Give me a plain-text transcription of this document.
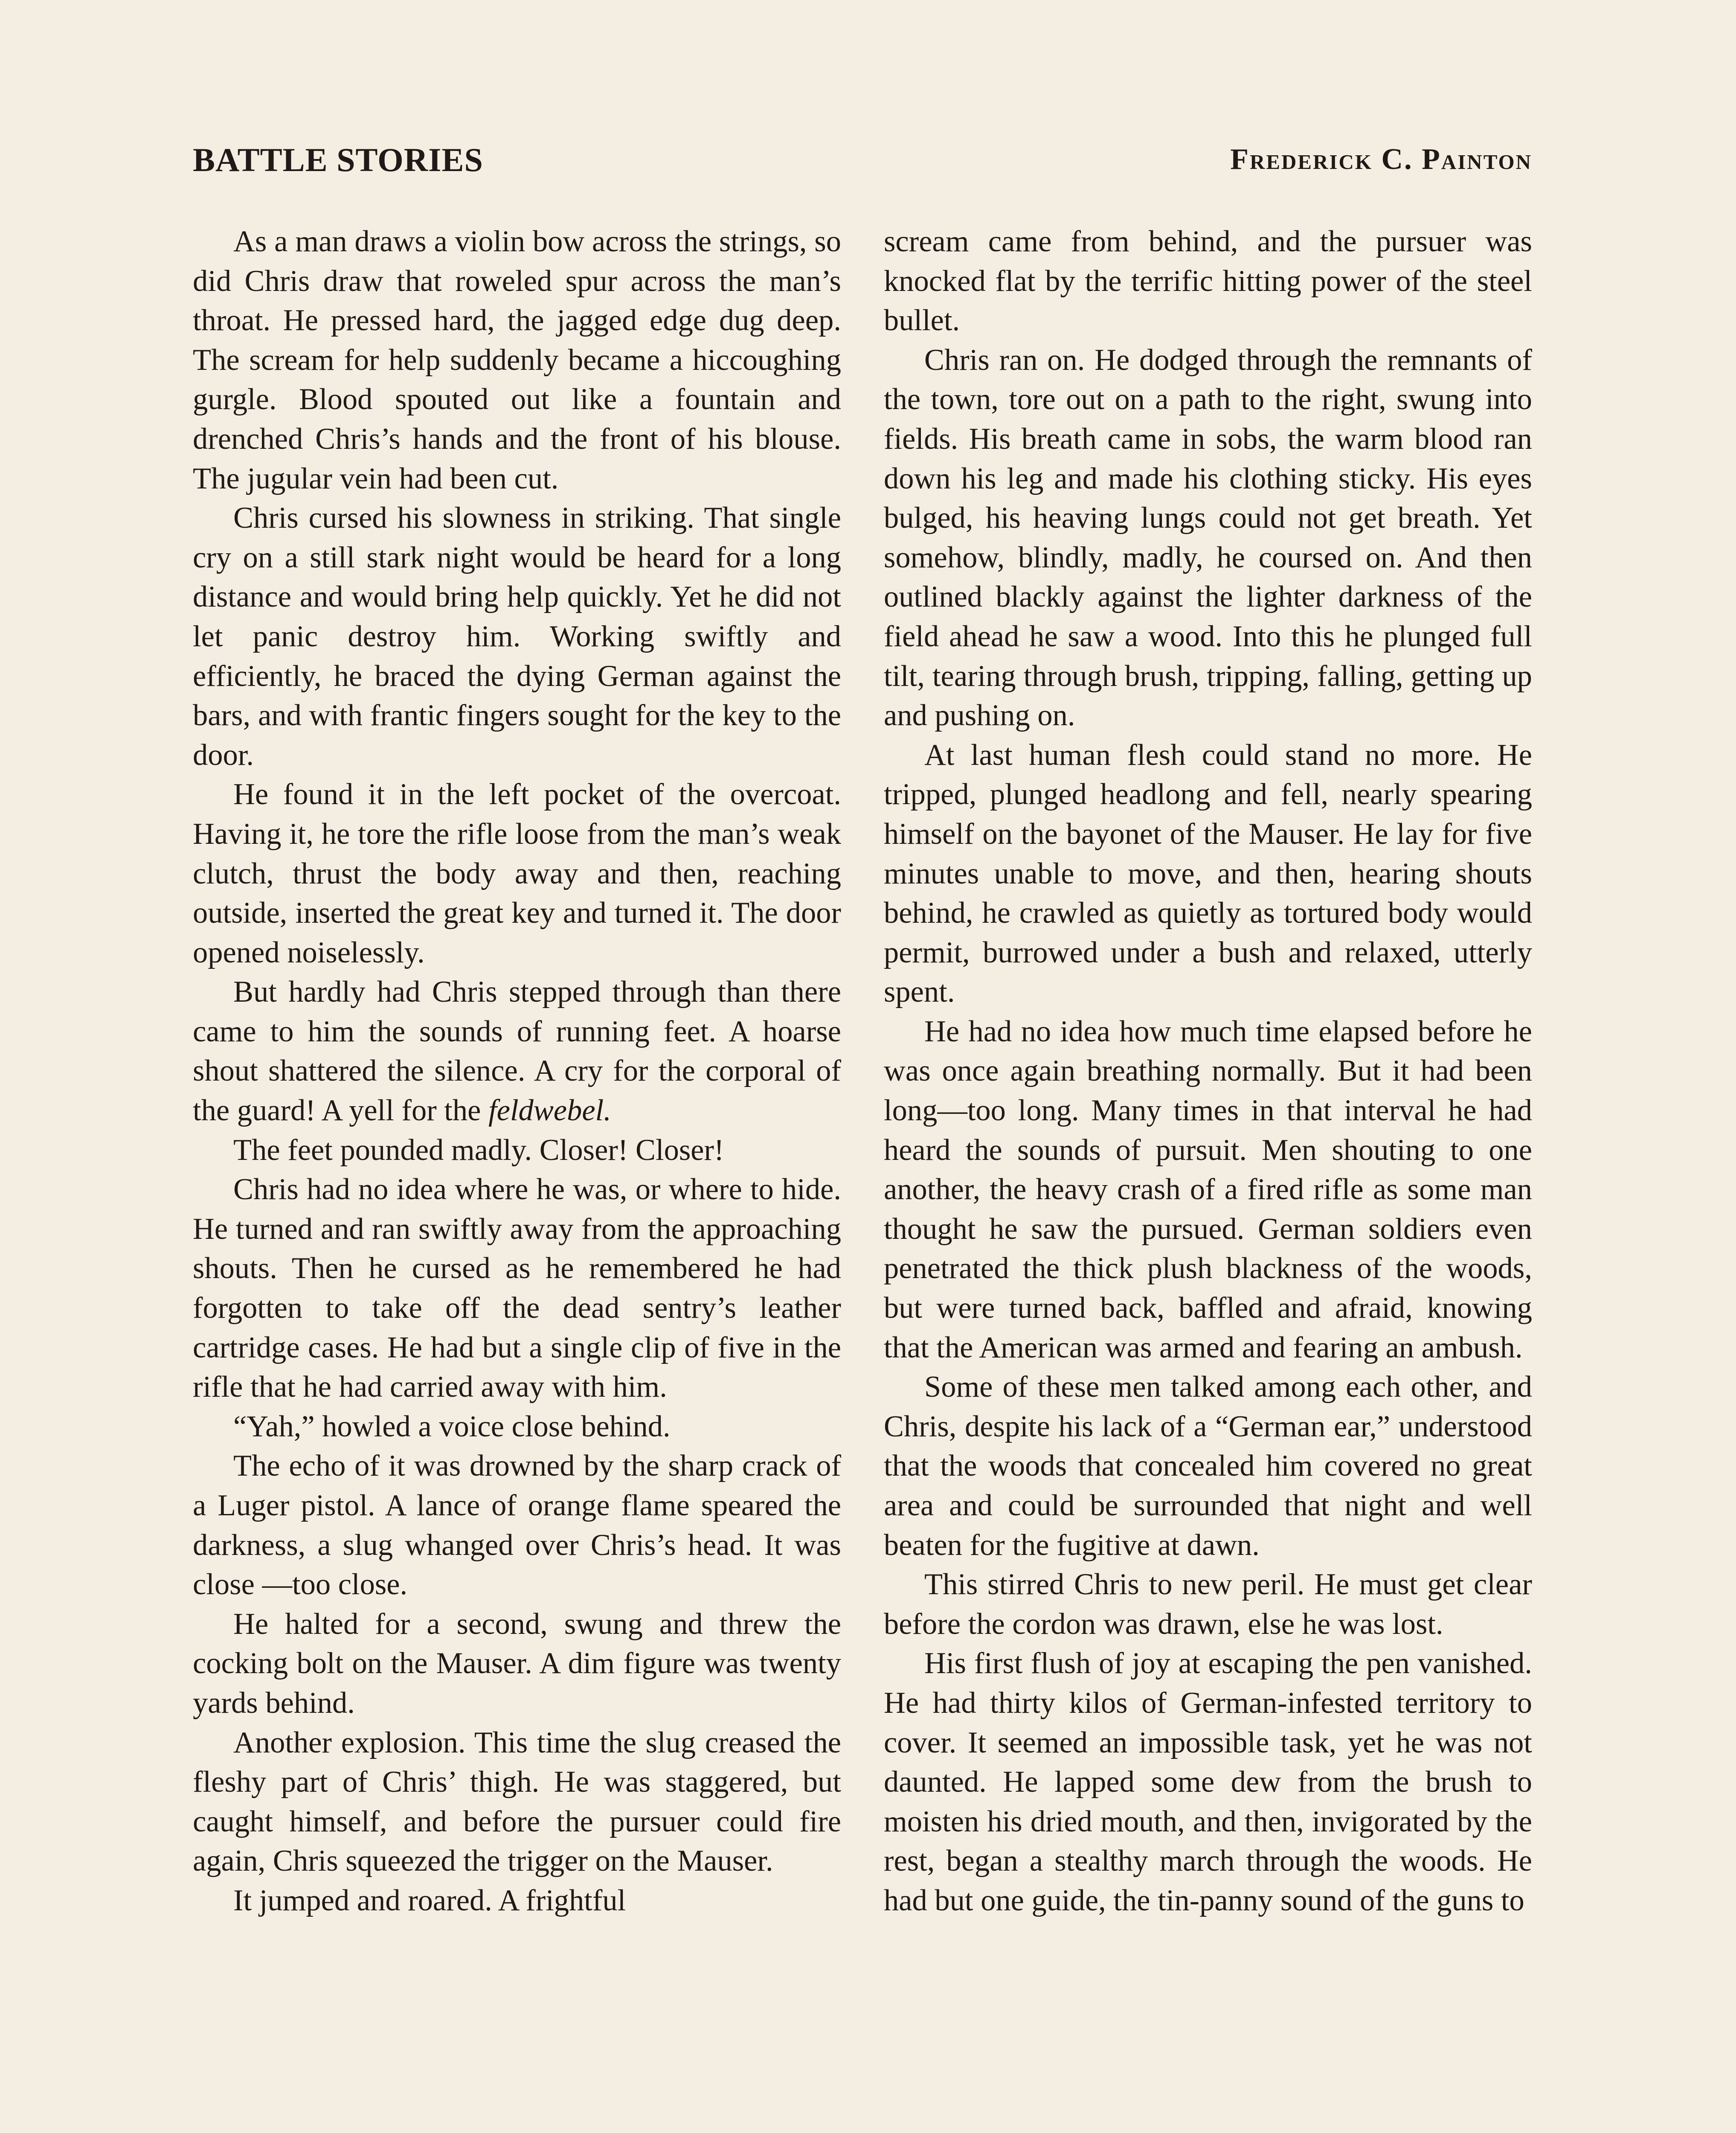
BATTLE STORIES	Frederick C. Painton

As a man draws a violin bow across the strings, so did Chris draw that roweled spur across the man’s throat. He pressed hard, the jagged edge dug deep. The scream for help suddenly became a hiccoughing gurgle. Blood spouted out like a fountain and drenched Chris’s hands and the front of his blouse. The jugular vein had been cut.

Chris cursed his slowness in striking. That single cry on a still stark night would be heard for a long distance and would bring help quickly. Yet he did not let panic destroy him. Working swiftly and efficiently, he braced the dying German against the bars, and with frantic fingers sought for the key to the door.

He found it in the left pocket of the overcoat. Having it, he tore the rifle loose from the man’s weak clutch, thrust the body away and then, reaching outside, inserted the great key and turned it. The door opened noiselessly.

But hardly had Chris stepped through than there came to him the sounds of running feet. A hoarse shout shattered the silence. A cry for the corporal of the guard! A yell for the feldwebel.

The feet pounded madly. Closer! Closer!

Chris had no idea where he was, or where to hide. He turned and ran swiftly away from the approaching shouts. Then he cursed as he remembered he had forgotten to take off the dead sentry’s leather cartridge cases. He had but a single clip of five in the rifle that he had carried away with him.

“Yah,” howled a voice close behind.

The echo of it was drowned by the sharp crack of a Luger pistol. A lance of orange flame speared the darkness, a slug whanged over Chris’s head. It was close —too close.

He halted for a second, swung and threw the cocking bolt on the Mauser. A dim figure was twenty yards behind.

Another explosion. This time the slug creased the fleshy part of Chris’ thigh. He was staggered, but caught himself, and before the pursuer could fire again, Chris squeezed the trigger on the Mauser.

It jumped and roared. A frightful

scream came from behind, and the pursuer was knocked flat by the terrific hitting power of the steel bullet.

Chris ran on. He dodged through the remnants of the town, tore out on a path to the right, swung into fields. His breath came in sobs, the warm blood ran down his leg and made his clothing sticky. His eyes bulged, his heaving lungs could not get breath. Yet somehow, blindly, madly, he coursed on. And then outlined blackly against the lighter darkness of the field ahead he saw a wood. Into this he plunged full tilt, tearing through brush, tripping, falling, getting up and pushing on.

At last human flesh could stand no more. He tripped, plunged headlong and fell, nearly spearing himself on the bayonet of the Mauser. He lay for five minutes unable to move, and then, hearing shouts behind, he crawled as quietly as tortured body would permit, burrowed under a bush and relaxed, utterly spent.

He had no idea how much time elapsed before he was once again breathing normally. But it had been long—too long. Many times in that interval he had heard the sounds of pursuit. Men shouting to one another, the heavy crash of a fired rifle as some man thought he saw the pursued. German soldiers even penetrated the thick plush blackness of the woods, but were turned back, baffled and afraid, knowing that the American was armed and fearing an ambush.

Some of these men talked among each other, and Chris, despite his lack of a “German ear,” understood that the woods that concealed him covered no great area and could be surrounded that night and well beaten for the fugitive at dawn.

This stirred Chris to new peril. He must get clear before the cordon was drawn, else he was lost.

His first flush of joy at escaping the pen vanished. He had thirty kilos of German-infested territory to cover. It seemed an impossible task, yet he was not daunted. He lapped some dew from the brush to moisten his dried mouth, and then, invigorated by the rest, began a stealthy march through the woods. He had but one guide, the tin-panny sound of the guns to
